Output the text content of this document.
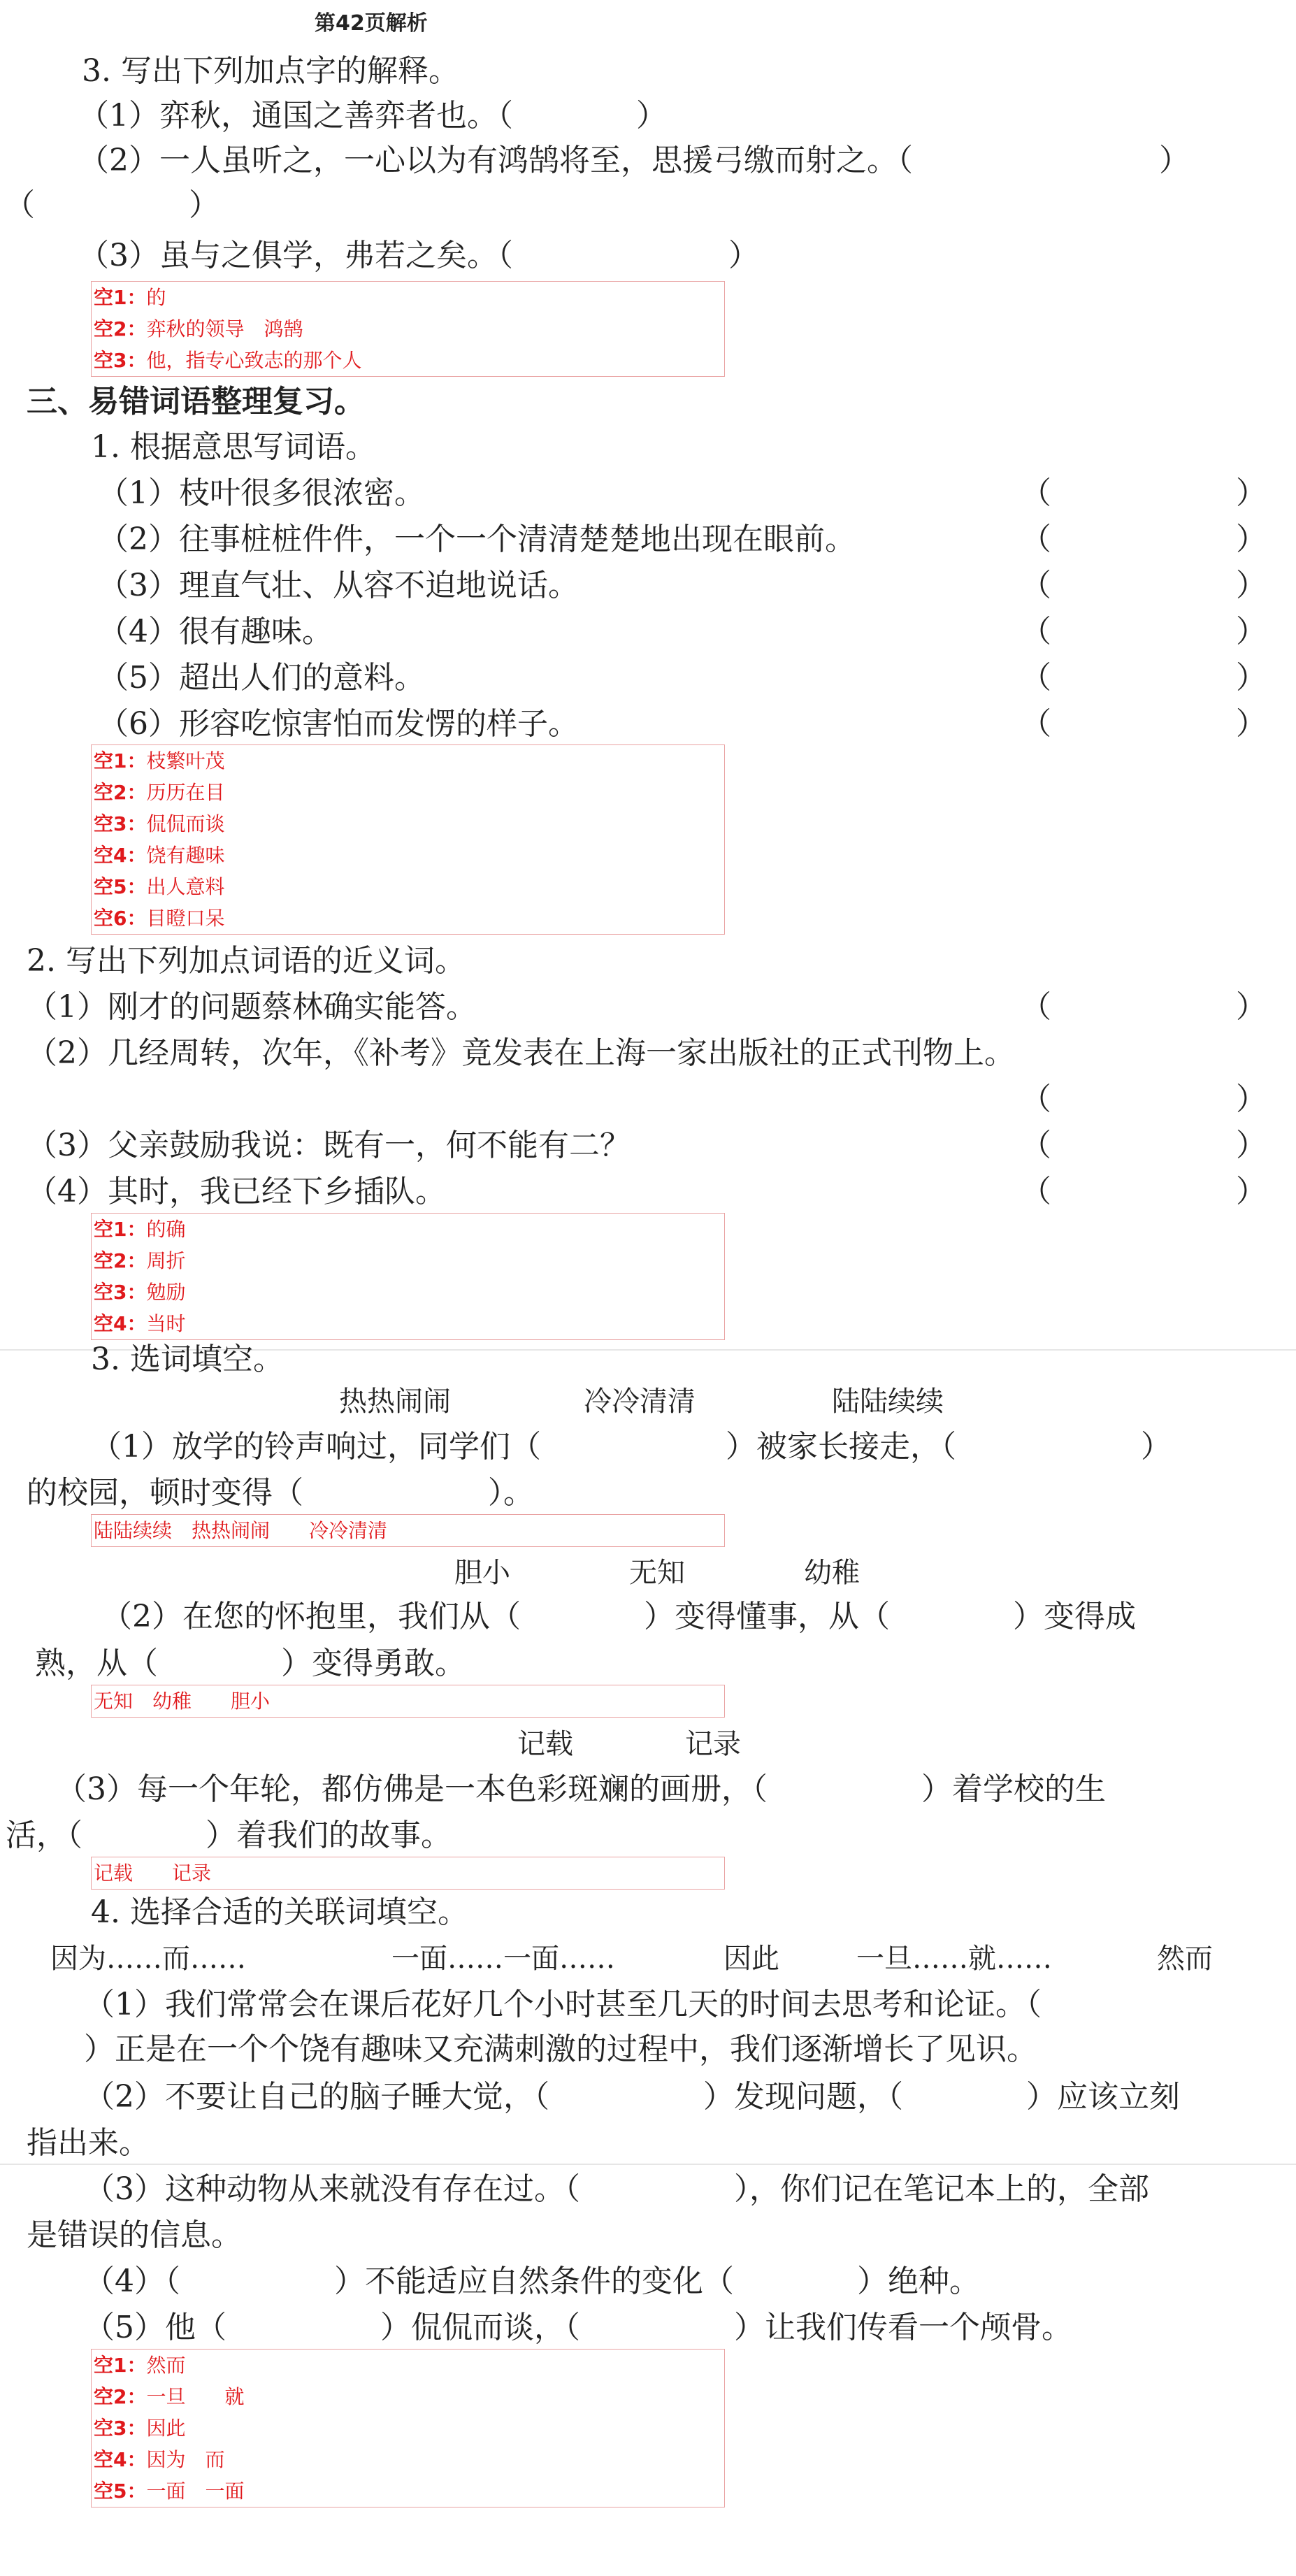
第42页解析
3. 写出下列加点字的解释。
（1）弈秋，通国之善弈者也。（　　　　）
（2）一人虽听之，一心以为有鸿鹄将至，思援弓缴而射之。（　　　　　　　　）
（　　　　　）
（3）虽与之俱学，弗若之矣。（　　　　　　　）
空1：的
空2：弈秋的领导　鸿鹄
空3：他，指专心致志的那个人
三、易错词语整理复习。
1. 根据意思写词语。
（1）枝叶很多很浓密。	（　　　　　　）
（2）往事桩桩件件，一个一个清清楚楚地出现在眼前。	（　　　　　　）
（3）理直气壮、从容不迫地说话。	（　　　　　　）
（4）很有趣味。	（　　　　　　）
（5）超出人们的意料。	（　　　　　　）
（6）形容吃惊害怕而发愣的样子。	（　　　　　　）
空1：枝繁叶茂
空2：历历在目
空3：侃侃而谈
空4：饶有趣味
空5：出人意料
空6：目瞪口呆
2. 写出下列加点词语的近义词。
（1）刚才的问题蔡林确实能答。	（　　　　　　）
（2）几经周转，次年，《补考》竟发表在上海一家出版社的正式刊物上。
（　　　　　　）
（3）父亲鼓励我说：既有一，何不能有二？	（　　　　　　）
（4）其时，我已经下乡插队。	（　　　　　　）
空1：的确
空2：周折
空3：勉励
空4：当时
3. 选词填空。
热热闹闹	冷冷清清	陆陆续续
（1）放学的铃声响过，同学们（　　　　　　）被家长接走，（　　　　　　）
的校园，顿时变得（　　　　　　）。
陆陆续续　热热闹闹　　冷冷清清
胆小	无知	幼稚
（2）在您的怀抱里，我们从（　　　　）变得懂事，从（　　　　）变得成
熟，从（　　　　）变得勇敢。
无知　幼稚　　胆小
记载	记录
（3）每一个年轮，都仿佛是一本色彩斑斓的画册，（　　　　　）着学校的生
活，（　　　　）着我们的故事。
记载　　记录
4. 选择合适的关联词填空。
因为……而……	一面……一面……	因此	一旦……就……	然而
（1）我们常常会在课后花好几个小时甚至几天的时间去思考和论证。（
）正是在一个个饶有趣味又充满刺激的过程中，我们逐渐增长了见识。
（2）不要让自己的脑子睡大觉，（　　　　　）发现问题，（　　　　）应该立刻
指出来。
（3）这种动物从来就没有存在过。（　　　　　），你们记在笔记本上的，全部
是错误的信息。
（4）（　　　　　）不能适应自然条件的变化（　　　　）绝种。
（5）他（　　　　　）侃侃而谈，（　　　　　）让我们传看一个颅骨。
空1：然而
空2：一旦　　就
空3：因此
空4：因为　而
空5：一面　一面
